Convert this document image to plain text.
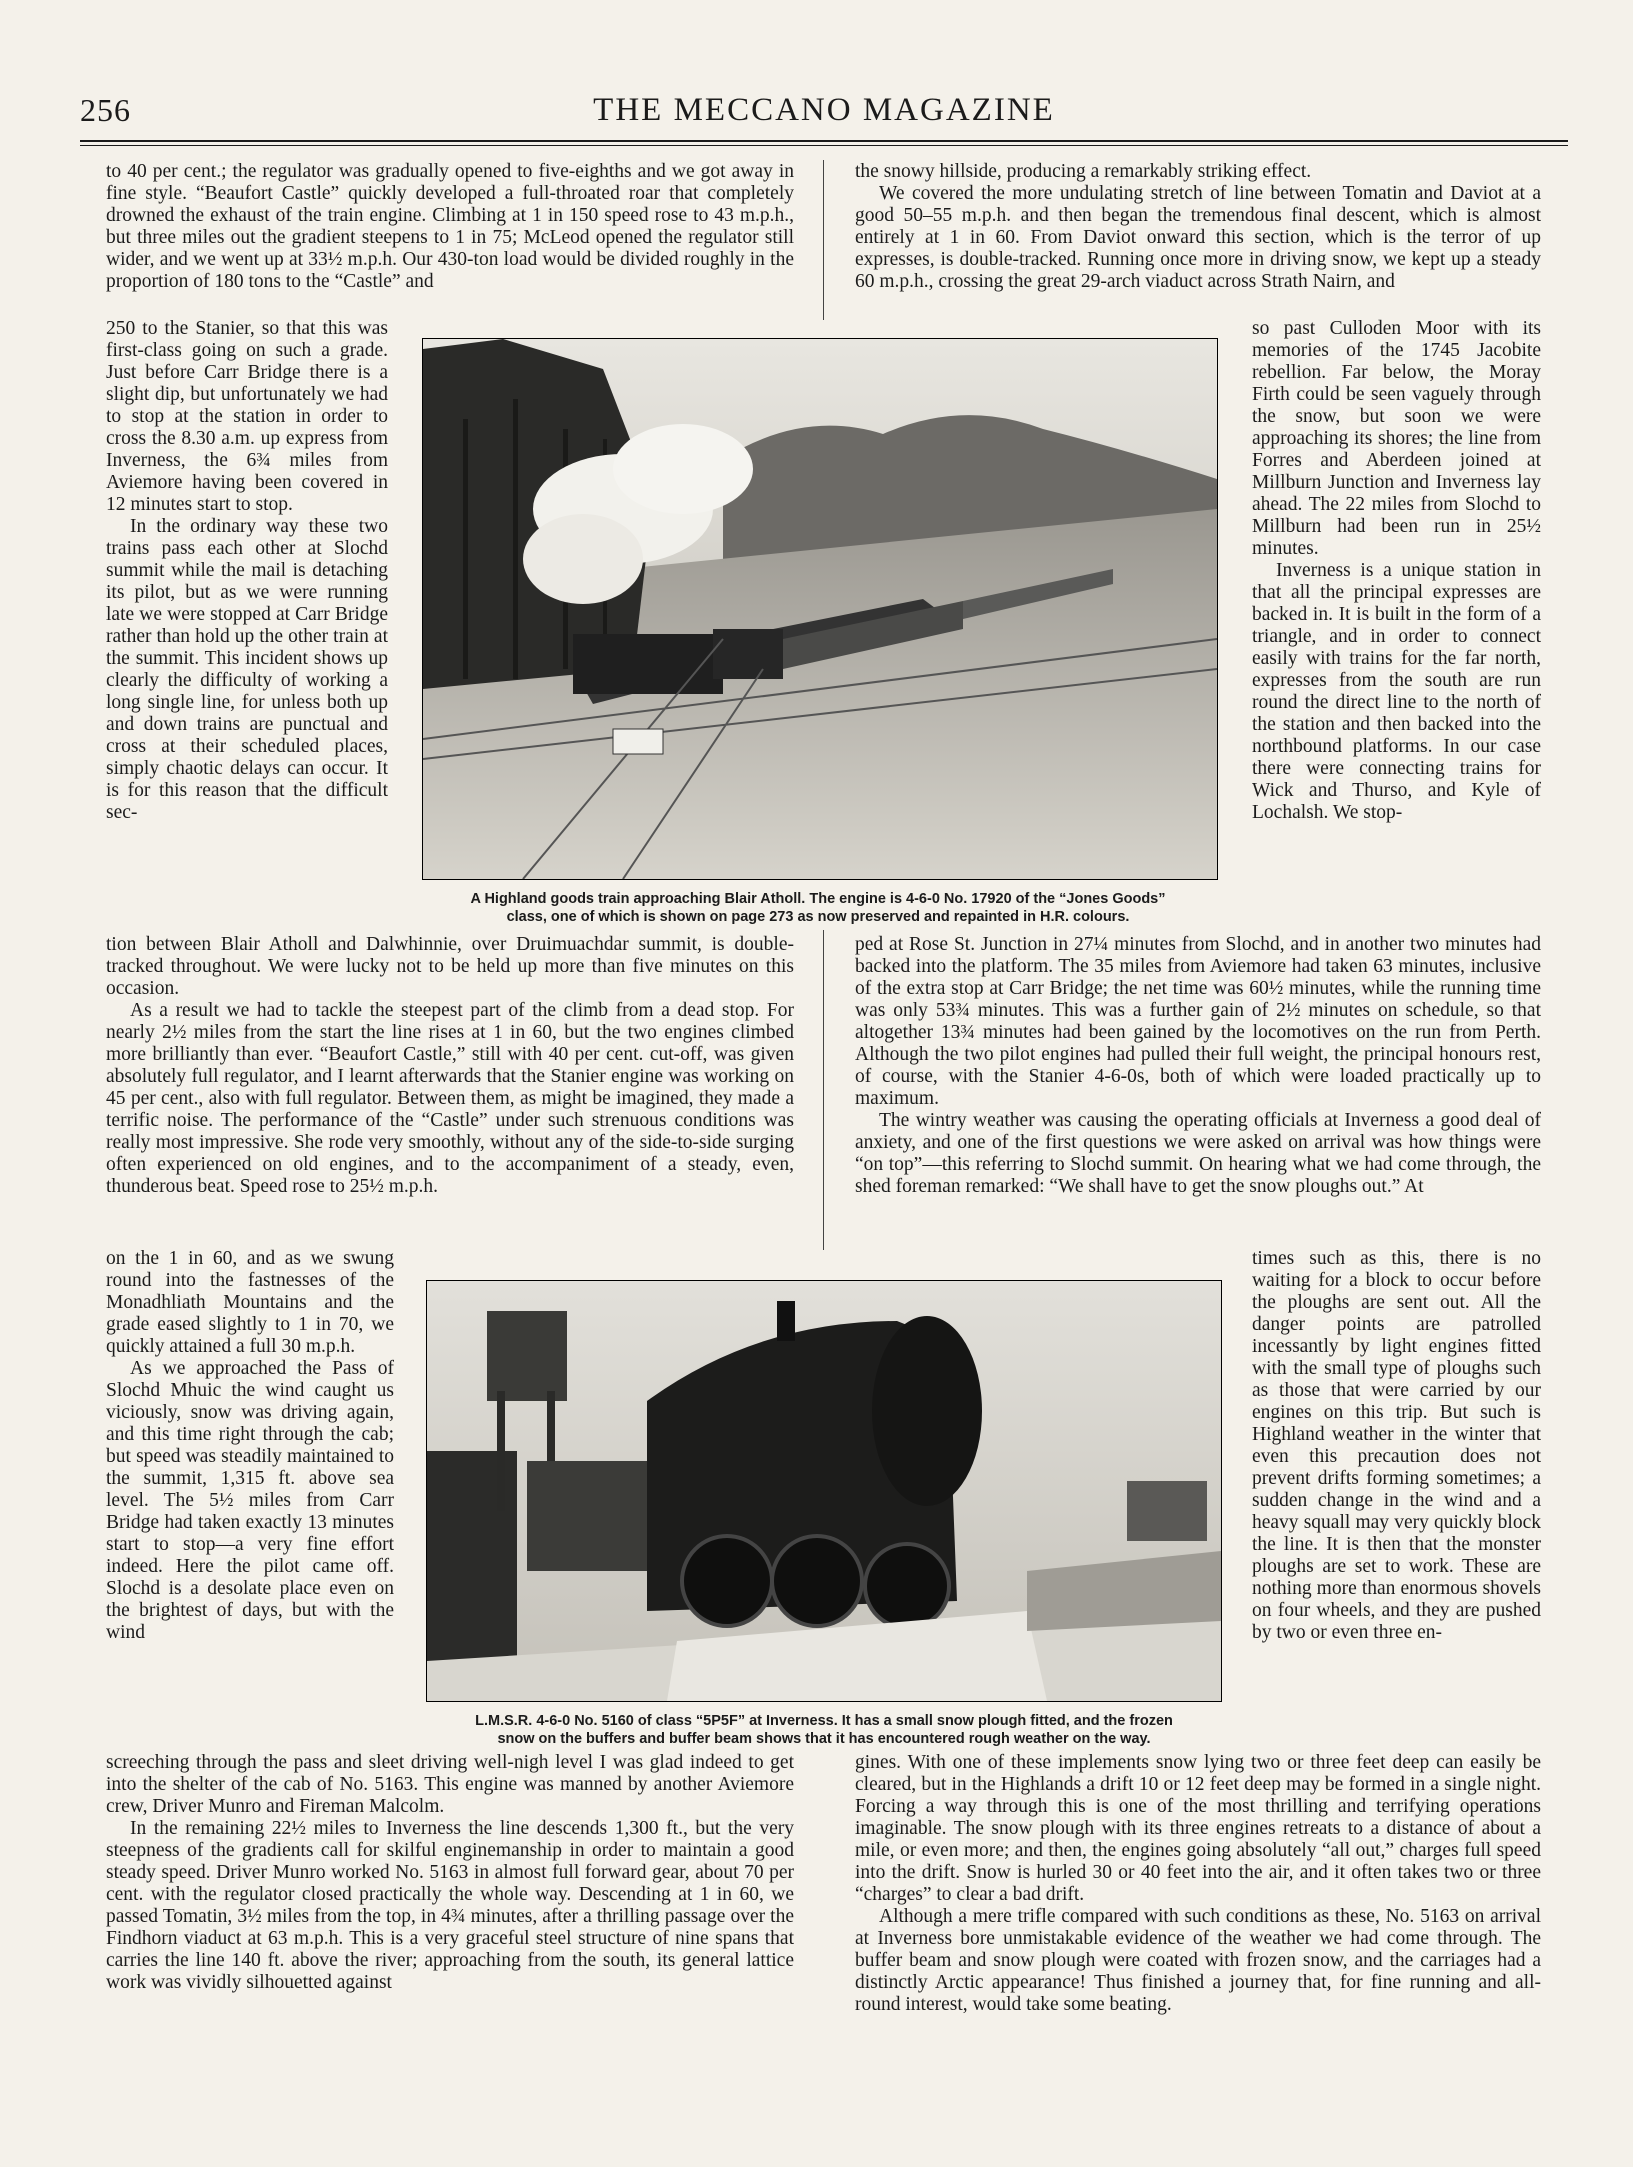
256	THE MECCANO MAGAZINE

to 40 per cent.; the regulator was gradually opened to five-eighths and we got away in fine style. “Beaufort Castle” quickly developed a full-throated roar that completely drowned the exhaust of the train engine. Climbing at 1 in 150 speed rose to 43 m.p.h., but three miles out the gradient steepens to 1 in 75; McLeod opened the regulator still wider, and we went up at 33½ m.p.h. Our 430-ton load would be divided roughly in the proportion of 180 tons to the “Castle” and

250 to the Stanier, so that this was first-class going on such a grade. Just before Carr Bridge there is a slight dip, but unfortunately we had to stop at the station in order to cross the 8.30 a.m. up express from Inverness, the 6¾ miles from Aviemore having been covered in 12 minutes start to stop.

In the ordinary way these two trains pass each other at Slochd summit while the mail is detaching its pilot, but as we were running late we were stopped at Carr Bridge rather than hold up the other train at the summit. This incident shows up clearly the difficulty of working a long single line, for unless both up and down trains are punctual and cross at their scheduled places, simply chaotic delays can occur. It is for this reason that the difficult sec-

tion between Blair Atholl and Dalwhinnie, over Druimuachdar summit, is double-tracked throughout. We were lucky not to be held up more than five minutes on this occasion.

As a result we had to tackle the steepest part of the climb from a dead stop. For nearly 2½ miles from the start the line rises at 1 in 60, but the two engines climbed more brilliantly than ever. “Beaufort Castle,” still with 40 per cent. cut-off, was given absolutely full regulator, and I learnt afterwards that the Stanier engine was working on 45 per cent., also with full regulator. Between them, as might be imagined, they made a terrific noise. The performance of the “Castle” under such strenuous conditions was really most impressive. She rode very smoothly, without any of the side-to-side surging often experienced on old engines, and to the accompaniment of a steady, even, thunderous beat. Speed rose to 25½ m.p.h.

on the 1 in 60, and as we swung round into the fastnesses of the Monadhliath Mountains and the grade eased slightly to 1 in 70, we quickly attained a full 30 m.p.h.

As we approached the Pass of Slochd Mhuic the wind caught us viciously, snow was driving again, and this time right through the cab; but speed was steadily maintained to the summit, 1,315 ft. above sea level. The 5½ miles from Carr Bridge had taken exactly 13 minutes start to stop—a very fine effort indeed. Here the pilot came off. Slochd is a desolate place even on the brightest of days, but with the wind

screeching through the pass and sleet driving well-nigh level I was glad indeed to get into the shelter of the cab of No. 5163. This engine was manned by another Aviemore crew, Driver Munro and Fireman Malcolm.

In the remaining 22½ miles to Inverness the line descends 1,300 ft., but the very steepness of the gradients call for skilful enginemanship in order to maintain a good steady speed. Driver Munro worked No. 5163 in almost full forward gear, about 70 per cent. with the regulator closed practically the whole way. Descending at 1 in 60, we passed Tomatin, 3½ miles from the top, in 4¾ minutes, after a thrilling passage over the Findhorn viaduct at 63 m.p.h. This is a very graceful steel structure of nine spans that carries the line 140 ft. above the river; approaching from the south, its general lattice work was vividly silhouetted against

the snowy hillside, producing a remarkably striking effect.

We covered the more undulating stretch of line between Tomatin and Daviot at a good 50–55 m.p.h. and then began the tremendous final descent, which is almost entirely at 1 in 60. From Daviot onward this section, which is the terror of up expresses, is double-tracked. Running once more in driving snow, we kept up a steady 60 m.p.h., crossing the great 29-arch viaduct across Strath Nairn, and

so past Culloden Moor with its memories of the 1745 Jacobite rebellion. Far below, the Moray Firth could be seen vaguely through the snow, but soon we were approaching its shores; the line from Forres and Aberdeen joined at Millburn Junction and Inverness lay ahead. The 22 miles from Slochd to Millburn had been run in 25½ minutes.

Inverness is a unique station in that all the principal expresses are backed in. It is built in the form of a triangle, and in order to connect easily with trains for the far north, expresses from the south are run round the direct line to the north of the station and then backed into the northbound platforms. In our case there were connecting trains for Wick and Thurso, and Kyle of Lochalsh. We stop-

ped at Rose St. Junction in 27¼ minutes from Slochd, and in another two minutes had backed into the platform. The 35 miles from Aviemore had taken 63 minutes, inclusive of the extra stop at Carr Bridge; the net time was 60½ minutes, while the running time was only 53¾ minutes. This was a further gain of 2½ minutes on schedule, so that altogether 13¾ minutes had been gained by the locomotives on the run from Perth. Although the two pilot engines had pulled their full weight, the principal honours rest, of course, with the Stanier 4-6-0s, both of which were loaded practically up to maximum.

The wintry weather was causing the operating officials at Inverness a good deal of anxiety, and one of the first questions we were asked on arrival was how things were “on top”—this referring to Slochd summit. On hearing what we had come through, the shed foreman remarked: “We shall have to get the snow ploughs out.” At

times such as this, there is no waiting for a block to occur before the ploughs are sent out. All the danger points are patrolled incessantly by light engines fitted with the small type of ploughs such as those that were carried by our engines on this trip. But such is Highland weather in the winter that even this precaution does not prevent drifts forming sometimes; a sudden change in the wind and a heavy squall may very quickly block the line. It is then that the monster ploughs are set to work. These are nothing more than enormous shovels on four wheels, and they are pushed by two or even three en-

gines. With one of these implements snow lying two or three feet deep can easily be cleared, but in the Highlands a drift 10 or 12 feet deep may be formed in a single night. Forcing a way through this is one of the most thrilling and terrifying operations imaginable. The snow plough with its three engines retreats to a distance of about a mile, or even more; and then, the engines going absolutely “all out,” charges full speed into the drift. Snow is hurled 30 or 40 feet into the air, and it often takes two or three “charges” to clear a bad drift.

Although a mere trifle compared with such conditions as these, No. 5163 on arrival at Inverness bore unmistakable evidence of the weather we had come through. The buffer beam and snow plough were coated with frozen snow, and the carriages had a distinctly Arctic appearance! Thus finished a journey that, for fine running and all-round interest, would take some beating.

A Highland goods train approaching Blair Atholl. The engine is 4-6-0 No. 17920 of the “Jones Goods”
class, one of which is shown on page 273 as now preserved and repainted in H.R. colours.
L.M.S.R. 4-6-0 No. 5160 of class “5P5F” at Inverness. It has a small snow plough fitted, and the frozen
snow on the buffers and buffer beam shows that it has encountered rough weather on the way.
